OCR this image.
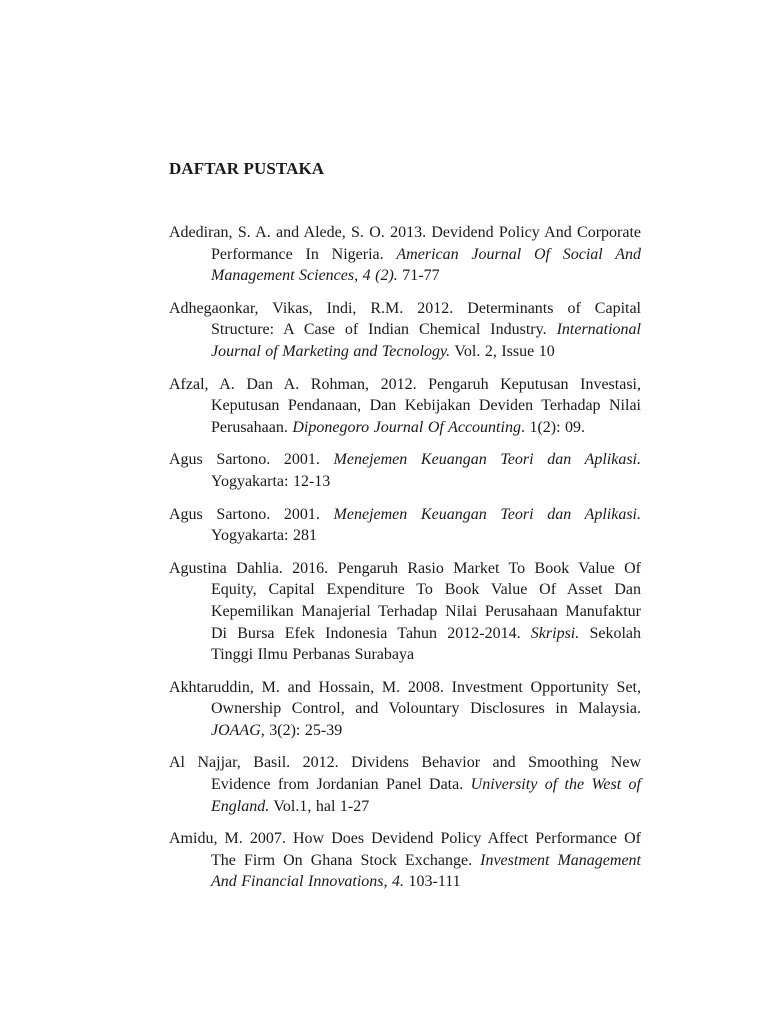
DAFTAR PUSTAKA

Adediran, S. A. and Alede, S. O. 2013. Devidend Policy And Corporate Performance In Nigeria. American Journal Of Social And Management Sciences, 4 (2). 71-77

Adhegaonkar, Vikas, Indi, R.M. 2012. Determinants of Capital Structure: A Case of Indian Chemical Industry. International Journal of Marketing and Tecnology. Vol. 2, Issue 10

Afzal, A. Dan A. Rohman, 2012. Pengaruh Keputusan Investasi, Keputusan Pendanaan, Dan Kebijakan Deviden Terhadap Nilai Perusahaan. Diponegoro Journal Of Accounting. 1(2): 09.

Agus Sartono. 2001. Menejemen Keuangan Teori dan Aplikasi. Yogyakarta: 12-13

Agus Sartono. 2001. Menejemen Keuangan Teori dan Aplikasi. Yogyakarta: 281

Agustina Dahlia. 2016. Pengaruh Rasio Market To Book Value Of Equity, Capital Expenditure To Book Value Of Asset Dan Kepemilikan Manajerial Terhadap Nilai Perusahaan Manufaktur Di Bursa Efek Indonesia Tahun 2012-2014. Skripsi. Sekolah Tinggi Ilmu Perbanas Surabaya

Akhtaruddin, M. and Hossain, M. 2008. Investment Opportunity Set, Ownership Control, and Volountary Disclosures in Malaysia. JOAAG, 3(2): 25-39

Al Najjar, Basil. 2012. Dividens Behavior and Smoothing New Evidence from Jordanian Panel Data. University of the West of England. Vol.1, hal 1-27

Amidu, M. 2007. How Does Devidend Policy Affect Performance Of The Firm On Ghana Stock Exchange. Investment Management And Financial Innovations, 4. 103-111
